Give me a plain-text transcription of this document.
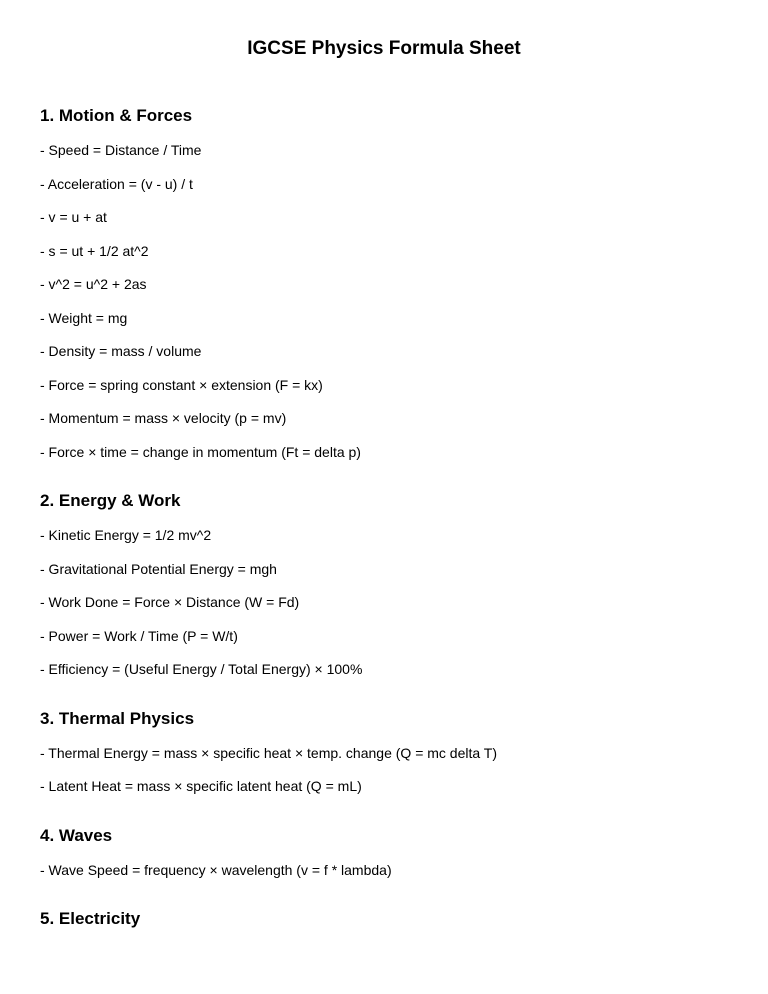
IGCSE Physics Formula Sheet
1. Motion & Forces
- Speed = Distance / Time
- Acceleration = (v - u) / t
- v = u + at
- s = ut + 1/2 at^2
- v^2 = u^2 + 2as
- Weight = mg
- Density = mass / volume
- Force = spring constant × extension (F = kx)
- Momentum = mass × velocity (p = mv)
- Force × time = change in momentum (Ft = delta p)
2. Energy & Work
- Kinetic Energy = 1/2 mv^2
- Gravitational Potential Energy = mgh
- Work Done = Force × Distance (W = Fd)
- Power = Work / Time (P = W/t)
- Efficiency = (Useful Energy / Total Energy) × 100%
3. Thermal Physics
- Thermal Energy = mass × specific heat × temp. change (Q = mc delta T)
- Latent Heat = mass × specific latent heat (Q = mL)
4. Waves
- Wave Speed = frequency × wavelength (v = f * lambda)
5. Electricity
